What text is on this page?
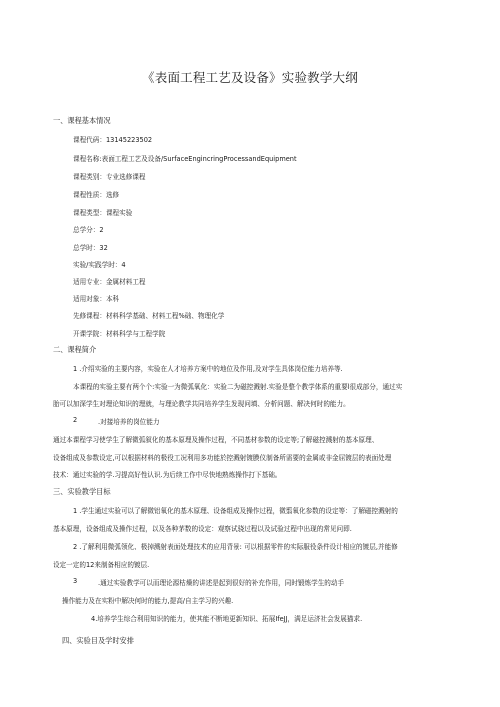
《表面工程工艺及设备》实验教学大纲
一、课程基本情况
课程代码：13145223502
课程名称:表面工程工艺及设备/SurfaceEngincringProcessandEquipment
课程类别：专业选修课程
课程性质：选修
课程类型：课程实验
总学分：2
总学时：32
实验/实践学时：4
适用专业：金属材料工程
适用对象：本科
先修课程：材料科学基础、材料工程%础、物理化学
开课学院：材料科学与工程学院
二、课程简介
1 .介绍实验的主要内容，实验在人才培养方案中的地位及作用,及对学生具体岗位能力培养等.
本课程的实验主要有两个个:实验一为微弧氧化：实验二为磁控溅射.实验是整个教学体系的重要l很成部分，通过实
胎可以加深学生对理论知识的理就，与理论教学共同培养学生发现问填、分析问题、解决何时的能力。
2	.对接培养的岗位能力
通过本课程学习使学生了解微弧叙化的基本原理及操作过程，不同基材参数的设定等;了解磁控溅射的基本原理、
设备组成及参数设定,可以根据材料的极役工况利用多功能於控溅射镀膜仪制备所需要的金属或非金屈镀层的表面处理
技术：通过实验的学.习提高好性认识.为后续工作中尽快地熟炼操作打下基础。
三、实验教学目标
1 .学生通过实验可以了解微铝氧化的基木原理、设备组成及操作过程，微翦氧化参数的设定等：了解磁控溅射的
基本原理，设备组成及操作过程，以及各种茅数的设定：观察试骁过程以及试验过程中出现的常见问即.
2 .了解利用微弧领化、极掉溅射表面处理技术的应用背景: 可以根据零件的实际服役条件设计相应的镀层,并能修
设定一定的12来制备相应的镀层.
3	.通过实验教学可以而理论源枯燥的讲述是起到很好的补充作用，同时锻炼学生的动手
操作能力及在实粉中解决何时的能力,提高/自主学习的兴趣.
4.培养学生综合利用知识的能力，使其能不断地更新知识、拓展IfeJJ，满足运济社会发展猫求.
四、实验目及学时安排
